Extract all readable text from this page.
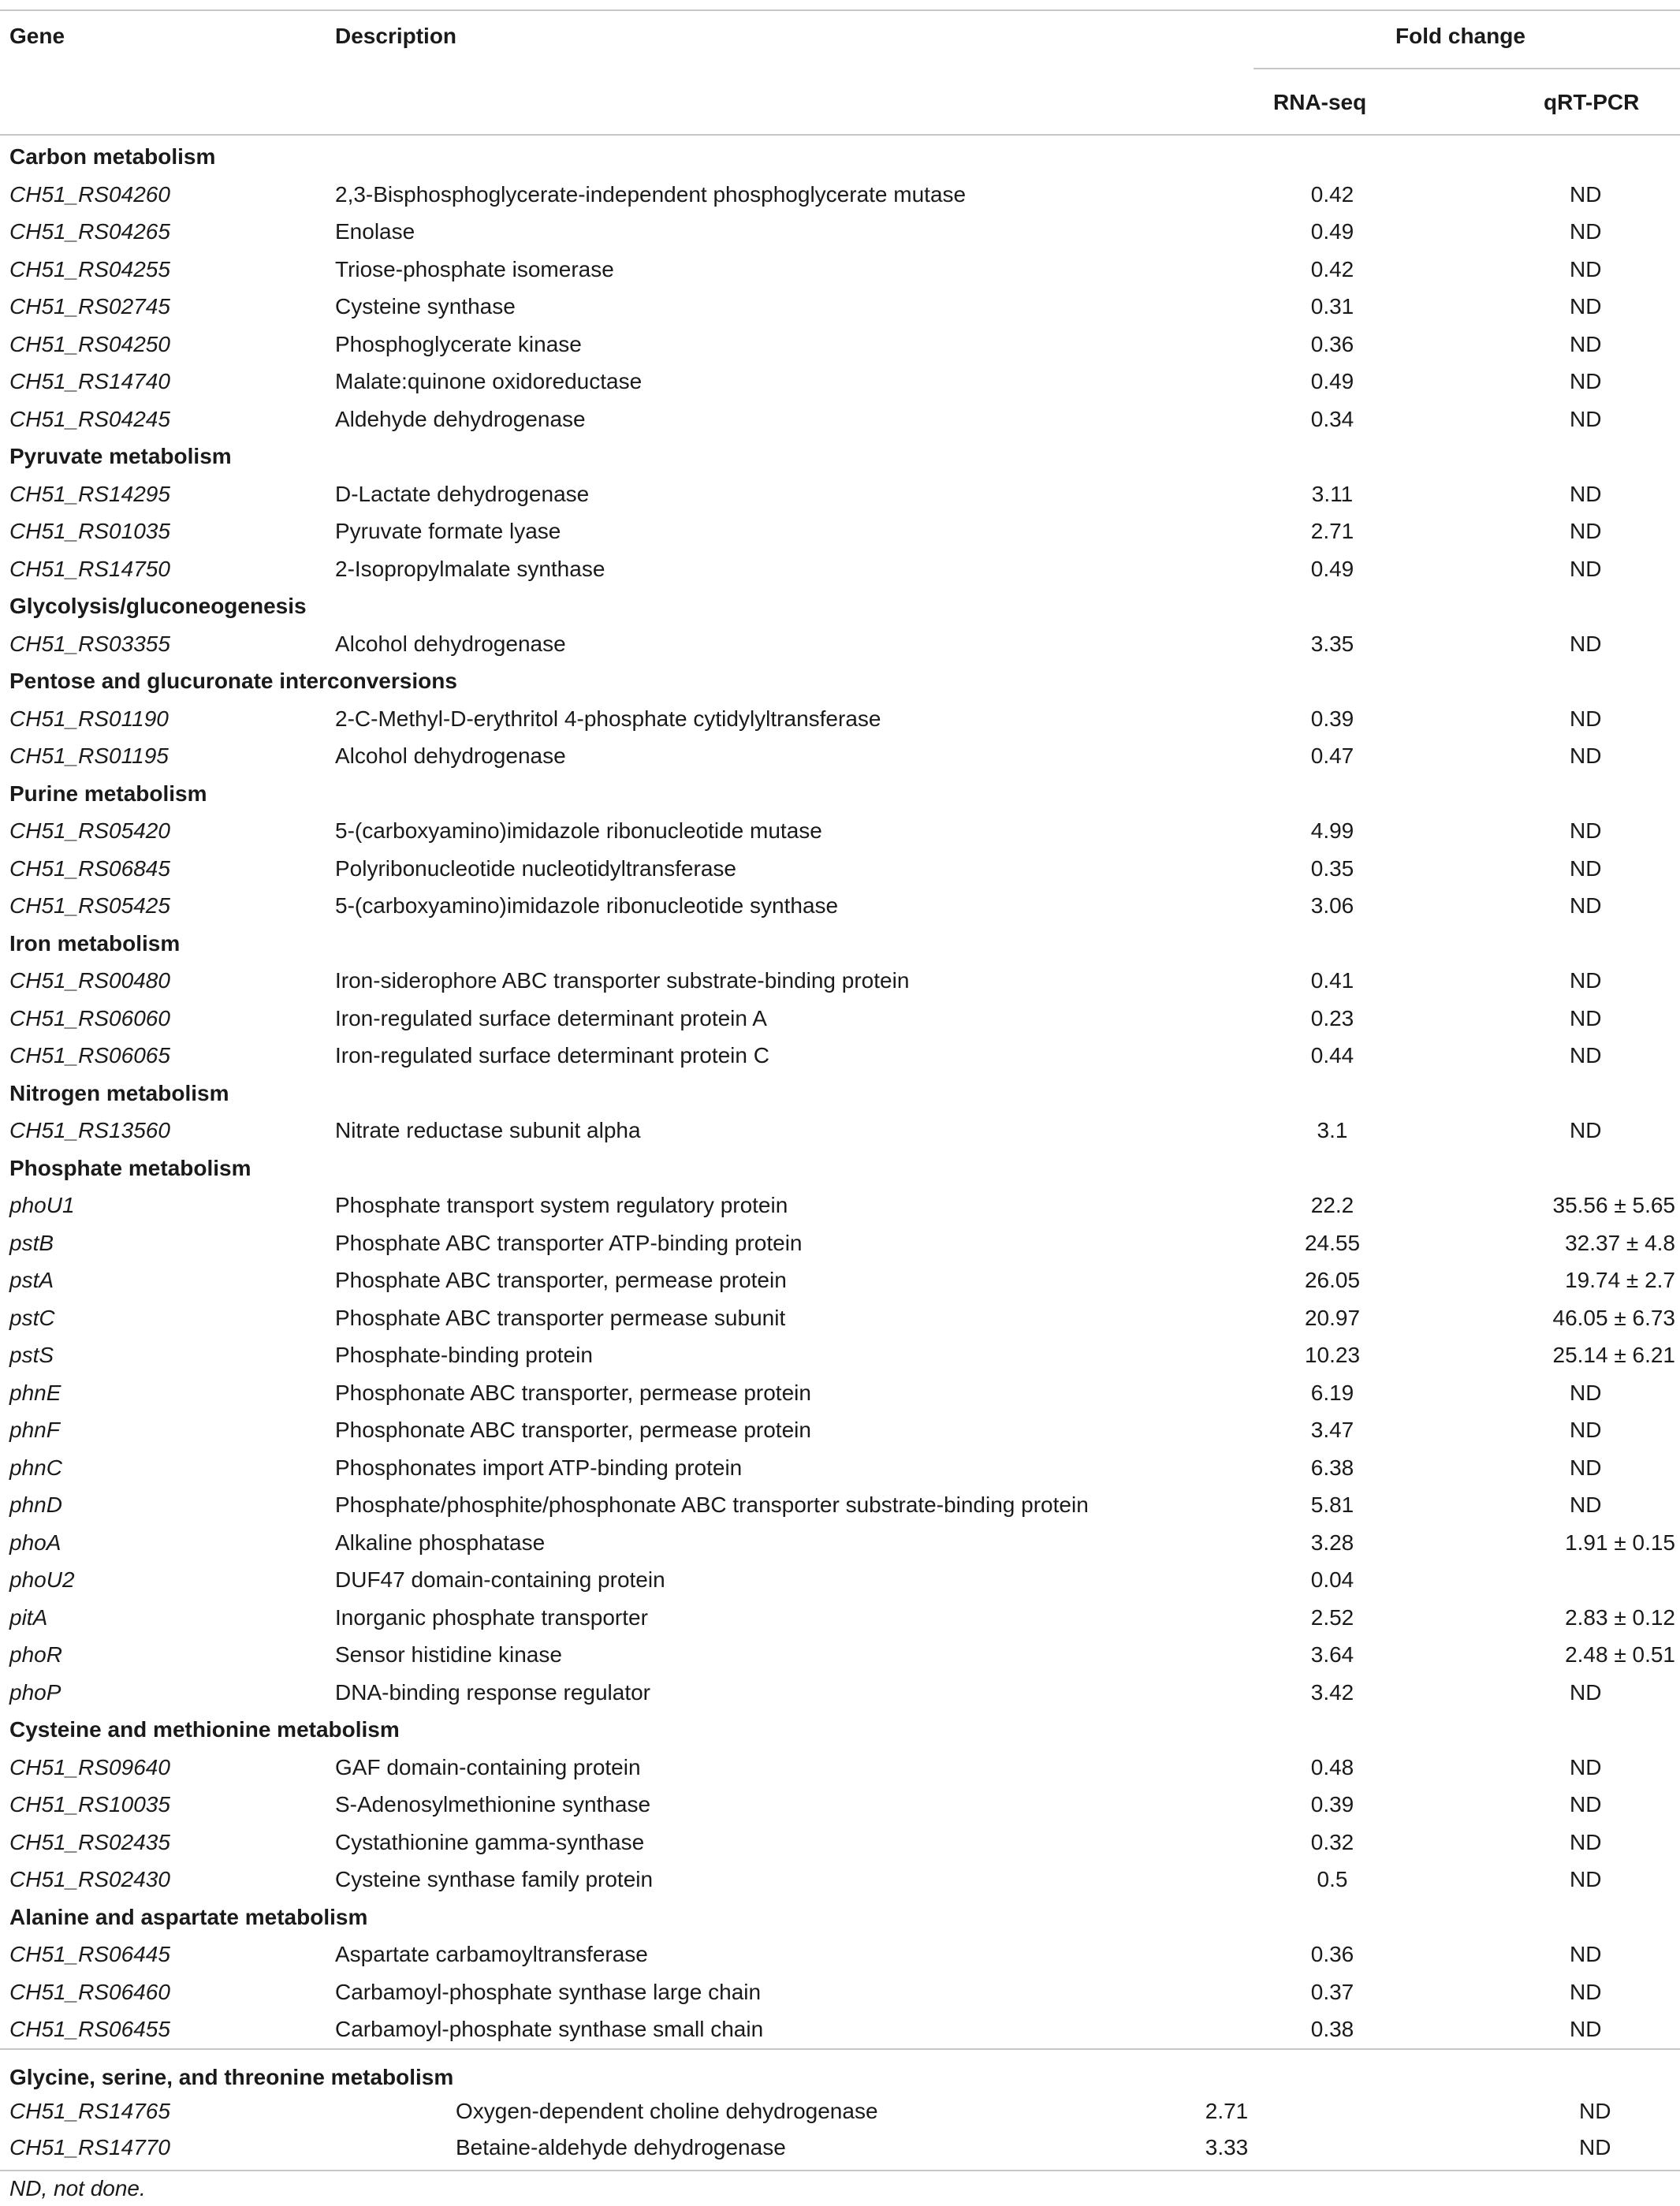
Gene	Description	Fold change
RNA-seq	qRT-PCR
Carbon metabolism
CH51_RS04260	2,3-Bisphosphoglycerate-independent phosphoglycerate mutase	0.42	ND
CH51_RS04265	Enolase	0.49	ND
CH51_RS04255	Triose-phosphate isomerase	0.42	ND
CH51_RS02745	Cysteine synthase	0.31	ND
CH51_RS04250	Phosphoglycerate kinase	0.36	ND
CH51_RS14740	Malate:quinone oxidoreductase	0.49	ND
CH51_RS04245	Aldehyde dehydrogenase	0.34	ND
Pyruvate metabolism
CH51_RS14295	D-Lactate dehydrogenase	3.11	ND
CH51_RS01035	Pyruvate formate lyase	2.71	ND
CH51_RS14750	2-Isopropylmalate synthase	0.49	ND
Glycolysis/gluconeogenesis
CH51_RS03355	Alcohol dehydrogenase	3.35	ND
Pentose and glucuronate interconversions
CH51_RS01190	2-C-Methyl-D-erythritol 4-phosphate cytidylyltransferase	0.39	ND
CH51_RS01195	Alcohol dehydrogenase	0.47	ND
Purine metabolism
CH51_RS05420	5-(carboxyamino)imidazole ribonucleotide mutase	4.99	ND
CH51_RS06845	Polyribonucleotide nucleotidyltransferase	0.35	ND
CH51_RS05425	5-(carboxyamino)imidazole ribonucleotide synthase	3.06	ND
Iron metabolism
CH51_RS00480	Iron-siderophore ABC transporter substrate-binding protein	0.41	ND
CH51_RS06060	Iron-regulated surface determinant protein A	0.23	ND
CH51_RS06065	Iron-regulated surface determinant protein C	0.44	ND
Nitrogen metabolism
CH51_RS13560	Nitrate reductase subunit alpha	3.1	ND
Phosphate metabolism
phoU1	Phosphate transport system regulatory protein	22.2	35.56 ± 5.65
pstB	Phosphate ABC transporter ATP-binding protein	24.55	32.37 ± 4.8
pstA	Phosphate ABC transporter, permease protein	26.05	19.74 ± 2.7
pstC	Phosphate ABC transporter permease subunit	20.97	46.05 ± 6.73
pstS	Phosphate-binding protein	10.23	25.14 ± 6.21
phnE	Phosphonate ABC transporter, permease protein	6.19	ND
phnF	Phosphonate ABC transporter, permease protein	3.47	ND
phnC	Phosphonates import ATP-binding protein	6.38	ND
phnD	Phosphate/phosphite/phosphonate ABC transporter substrate-binding protein	5.81	ND
phoA	Alkaline phosphatase	3.28	1.91 ± 0.15
phoU2	DUF47 domain-containing protein	0.04
pitA	Inorganic phosphate transporter	2.52	2.83 ± 0.12
phoR	Sensor histidine kinase	3.64	2.48 ± 0.51
phoP	DNA-binding response regulator	3.42	ND
Cysteine and methionine metabolism
CH51_RS09640	GAF domain-containing protein	0.48	ND
CH51_RS10035	S-Adenosylmethionine synthase	0.39	ND
CH51_RS02435	Cystathionine gamma-synthase	0.32	ND
CH51_RS02430	Cysteine synthase family protein	0.5	ND
Alanine and aspartate metabolism
CH51_RS06445	Aspartate carbamoyltransferase	0.36	ND
CH51_RS06460	Carbamoyl-phosphate synthase large chain	0.37	ND
CH51_RS06455	Carbamoyl-phosphate synthase small chain	0.38	ND
Glycine, serine, and threonine metabolism
CH51_RS14765	Oxygen-dependent choline dehydrogenase	2.71	ND
CH51_RS14770	Betaine-aldehyde dehydrogenase	3.33	ND
ND, not done.
